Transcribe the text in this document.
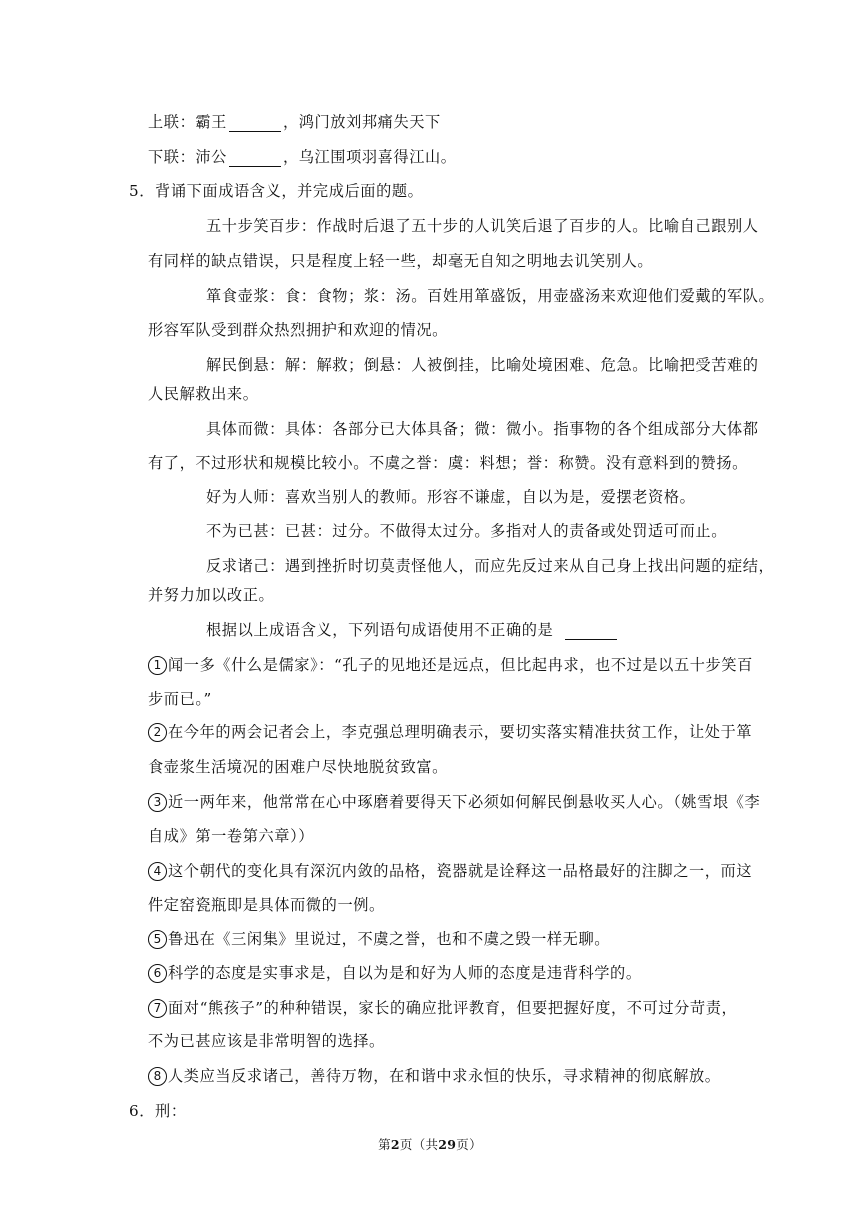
上联：霸王	，鸿门放刘邦痛失天下
下联：沛公	，乌江围项羽喜得江山。
5．背诵下面成语含义，并完成后面的题。
五十步笑百步：作战时后退了五十步的人讥笑后退了百步的人。比喻自己跟别人
有同样的缺点错误，只是程度上轻一些，却毫无自知之明地去讥笑别人。
箪食壶浆：食：食物；浆：汤。百姓用箪盛饭，用壶盛汤来欢迎他们爱戴的军队。
形容军队受到群众热烈拥护和欢迎的情况。
解民倒悬：解：解救；倒悬：人被倒挂，比喻处境困难、危急。比喻把受苦难的
人民解救出来。
具体而微：具体：各部分已大体具备；微：微小。指事物的各个组成部分大体都
有了，不过形状和规模比较小。不虞之誉：虞：料想；誉：称赞。没有意料到的赞扬。
好为人师：喜欢当别人的教师。形容不谦虚，自以为是，爱摆老资格。
不为已甚：已甚：过分。不做得太过分。多指对人的责备或处罚适可而止。
反求诸己：遇到挫折时切莫责怪他人，而应先反过来从自己身上找出问题的症结，
并努力加以改正。
根据以上成语含义，下列语句成语使用不正确的是
1 闻一多《什么是儒家》：“孔子的见地还是远点，但比起冉求，也不过是以五十步笑百
步而已。”
2 在今年的两会记者会上，李克强总理明确表示，要切实落实精准扶贫工作，让处于箪
食壶浆生活境况的困难户尽快地脱贫致富。
3 近一两年来，他常常在心中琢磨着要得天下必须如何解民倒悬收买人心。（姚雪垠《李
自成》第一卷第六章））
4 这个朝代的变化具有深沉内敛的品格，瓷器就是诠释这一品格最好的注脚之一，而这
件定窑瓷瓶即是具体而微的一例。
5 鲁迅在《三闲集》里说过，不虞之誉，也和不虞之毁一样无聊。
6 科学的态度是实事求是，自以为是和好为人师的态度是违背科学的。
7 面对“熊孩子”的种种错误，家长的确应批评教育，但要把握好度，不可过分苛责，
不为已甚应该是非常明智的选择。
8 人类应当反求诸己，善待万物，在和谐中求永恒的快乐，寻求精神的彻底解放。
6．刑：
第2页（共29页）
